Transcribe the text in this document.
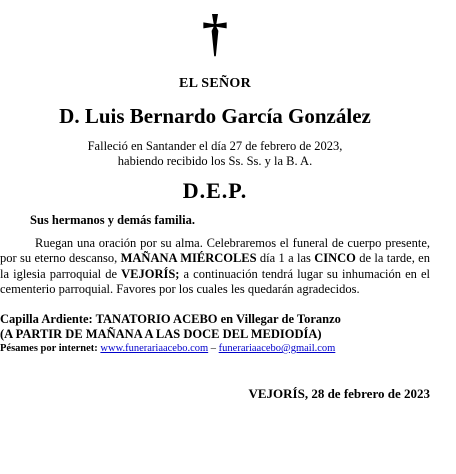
†
EL SEÑOR
D. Luis Bernardo García González
Falleció en Santander el día 27 de febrero de 2023,
habiendo recibido los Ss. Ss. y la B. A.
D.E.P.
Sus hermanos y demás familia.
Ruegan una oración por su alma. Celebraremos el funeral de cuerpo presente, por su eterno descanso, MAÑANA MIÉRCOLES día 1 a las CINCO de la tarde, en la iglesia parroquial de VEJORÍS; a continuación tendrá lugar su inhumación en el cementerio parroquial. Favores por los cuales les quedarán agradecidos.
Capilla Ardiente: TANATORIO ACEBO en Villegar de Toranzo
(A PARTIR DE MAÑANA A LAS DOCE DEL MEDIODÍA)
Pésames por internet: www.funerariaacebo.com – funerariaacebo@gmail.com
VEJORÍS, 28 de febrero de 2023
